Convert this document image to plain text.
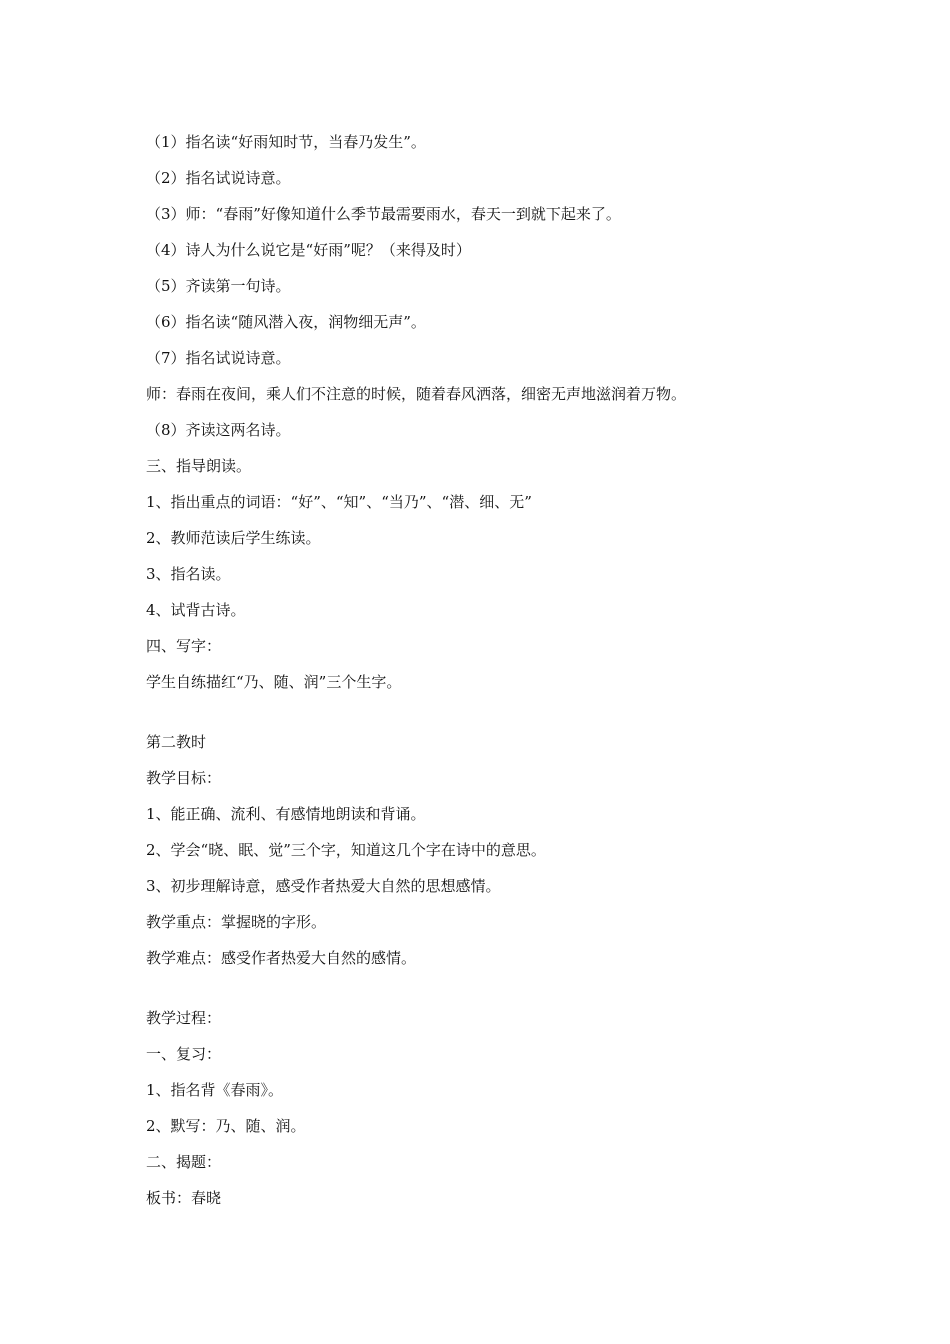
（1）指名读“好雨知时节，当春乃发生”。
（2）指名试说诗意。
（3）师：“春雨”好像知道什么季节最需要雨水，春天一到就下起来了。
（4）诗人为什么说它是“好雨”呢？（来得及时）
（5）齐读第一句诗。
（6）指名读“随风潜入夜，润物细无声”。
（7）指名试说诗意。
师：春雨在夜间，乘人们不注意的时候，随着春风洒落，细密无声地滋润着万物。
（8）齐读这两名诗。
三、指导朗读。
1、指出重点的词语：“好”、“知”、“当乃”、“潜、细、无”
2、教师范读后学生练读。
3、指名读。
4、试背古诗。
四、写字：
学生自练描红“乃、随、润”三个生字。
第二教时
教学目标：
1、能正确、流利、有感情地朗读和背诵。
2、学会“晓、眠、觉”三个字，知道这几个字在诗中的意思。
3、初步理解诗意，感受作者热爱大自然的思想感情。
教学重点：掌握晓的字形。
教学难点：感受作者热爱大自然的感情。
教学过程：
一、复习：
1、指名背《春雨》。
2、默写：乃、随、润。
二、揭题：
板书：春晓
